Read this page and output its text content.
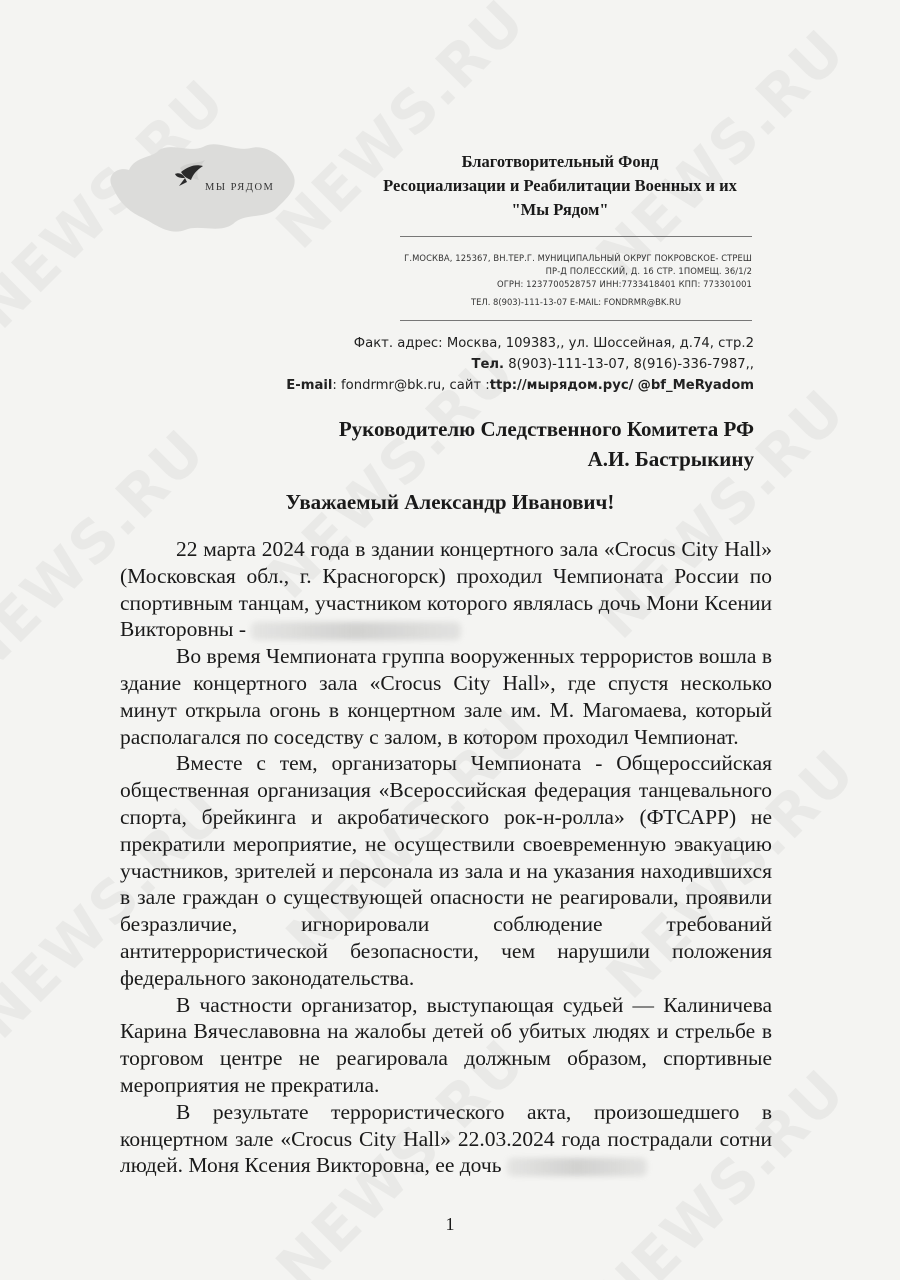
МЫ РЯДОМ
Благотворительный Фонд
Ресоциализации и Реабилитации Военных и их
"Мы Рядом"
Г.МОСКВА, 125367, ВН.ТЕР.Г. МУНИЦИПАЛЬНЫЙ ОКРУГ ПОКРОВСКОЕ- СТРЕШ
ПР-Д ПОЛЕССКИЙ, Д. 16 СТР. 1ПОМЕЩ. 36/1/2
ОГРН: 1237700528757 ИНН:7733418401 КПП: 773301001
ТЕЛ. 8(903)-111-13-07 E-MAIL: FONDRMR@BK.RU
Факт. адрес: Москва, 109383,, ул. Шоссейная, д.74, стр.2
Тел. 8(903)-111-13-07, 8(916)-336-7987,,
E-mail: fondrmr@bk.ru, сайт :ttp://мырядом.рус/ @bf_MeRyadom
Руководителю Следственного Комитета РФ
А.И. Бастрыкину
Уважаемый Александр Иванович!

22 марта 2024 года в здании концертного зала «Crocus City Hall» (Московская обл., г. Красногорск) проходил Чемпионата России по спортивным танцам, участником которого являлась дочь Мони Ксении Викторовны -

Во время Чемпионата группа вооруженных террористов вошла в здание концертного зала «Crocus City Hall», где спустя несколько минут открыла огонь в концертном зале им. М. Магомаева, который располагался по соседству с залом, в котором проходил Чемпионат.

Вместе с тем, организаторы Чемпионата - Общероссийская общественная организация «Всероссийская федерация танцевального спорта, брейкинга и акробатического рок-н-ролла» (ФТСАРР) не прекратили мероприятие, не осуществили своевременную эвакуацию участников, зрителей и персонала из зала и на указания находившихся в зале граждан о существующей опасности не реагировали, проявили безразличие, игнорировали соблюдение требований антитеррористической безопасности, чем нарушили положения федерального законодательства.

В частности организатор, выступающая судьей — Калиничева Карина Вячеславовна на жалобы детей об убитых людях и стрельбе в торговом центре не реагировала должным образом, спортивные мероприятия не прекратила.

В результате террористического акта, произошедшего в концертном зале «Crocus City Hall» 22.03.2024 года пострадали сотни людей. Моня Ксения Викторовна, ее дочь

1
